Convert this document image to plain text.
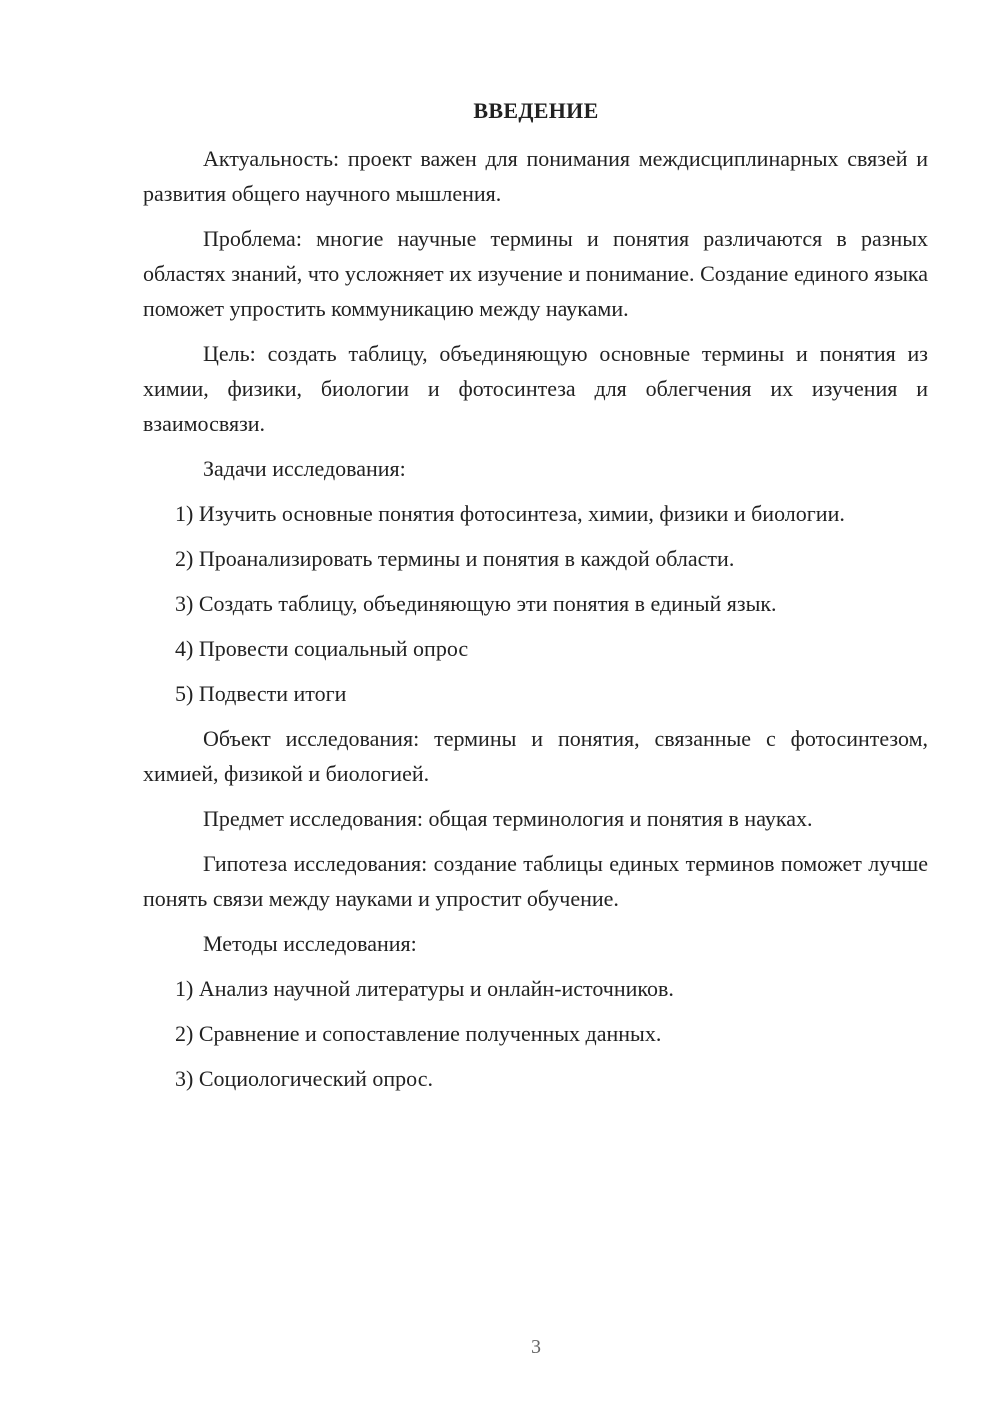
ВВЕДЕНИЕ

Актуальность: проект важен для понимания междисциплинарных связей и развития общего научного мышления.

Проблема: многие научные термины и понятия различаются в разных областях знаний, что усложняет их изучение и понимание. Создание единого языка поможет упростить коммуникацию между науками.

Цель: создать таблицу, объединяющую основные термины и понятия из химии, физики, биологии и фотосинтеза для облегчения их изучения и взаимосвязи.

Задачи исследования:

1) Изучить основные понятия фотосинтеза, химии, физики и биологии.

2) Проанализировать термины и понятия в каждой области.

3) Создать таблицу, объединяющую эти понятия в единый язык.

4) Провести социальный опрос

5) Подвести итоги

Объект исследования: термины и понятия, связанные с фотосинтезом, химией, физикой и биологией.

Предмет исследования: общая терминология и понятия в науках.

Гипотеза исследования: создание таблицы единых терминов поможет лучше понять связи между науками и упростит обучение.

Методы исследования:

1) Анализ научной литературы и онлайн-источников.

2) Сравнение и сопоставление полученных данных.

3) Социологический опрос.

3
